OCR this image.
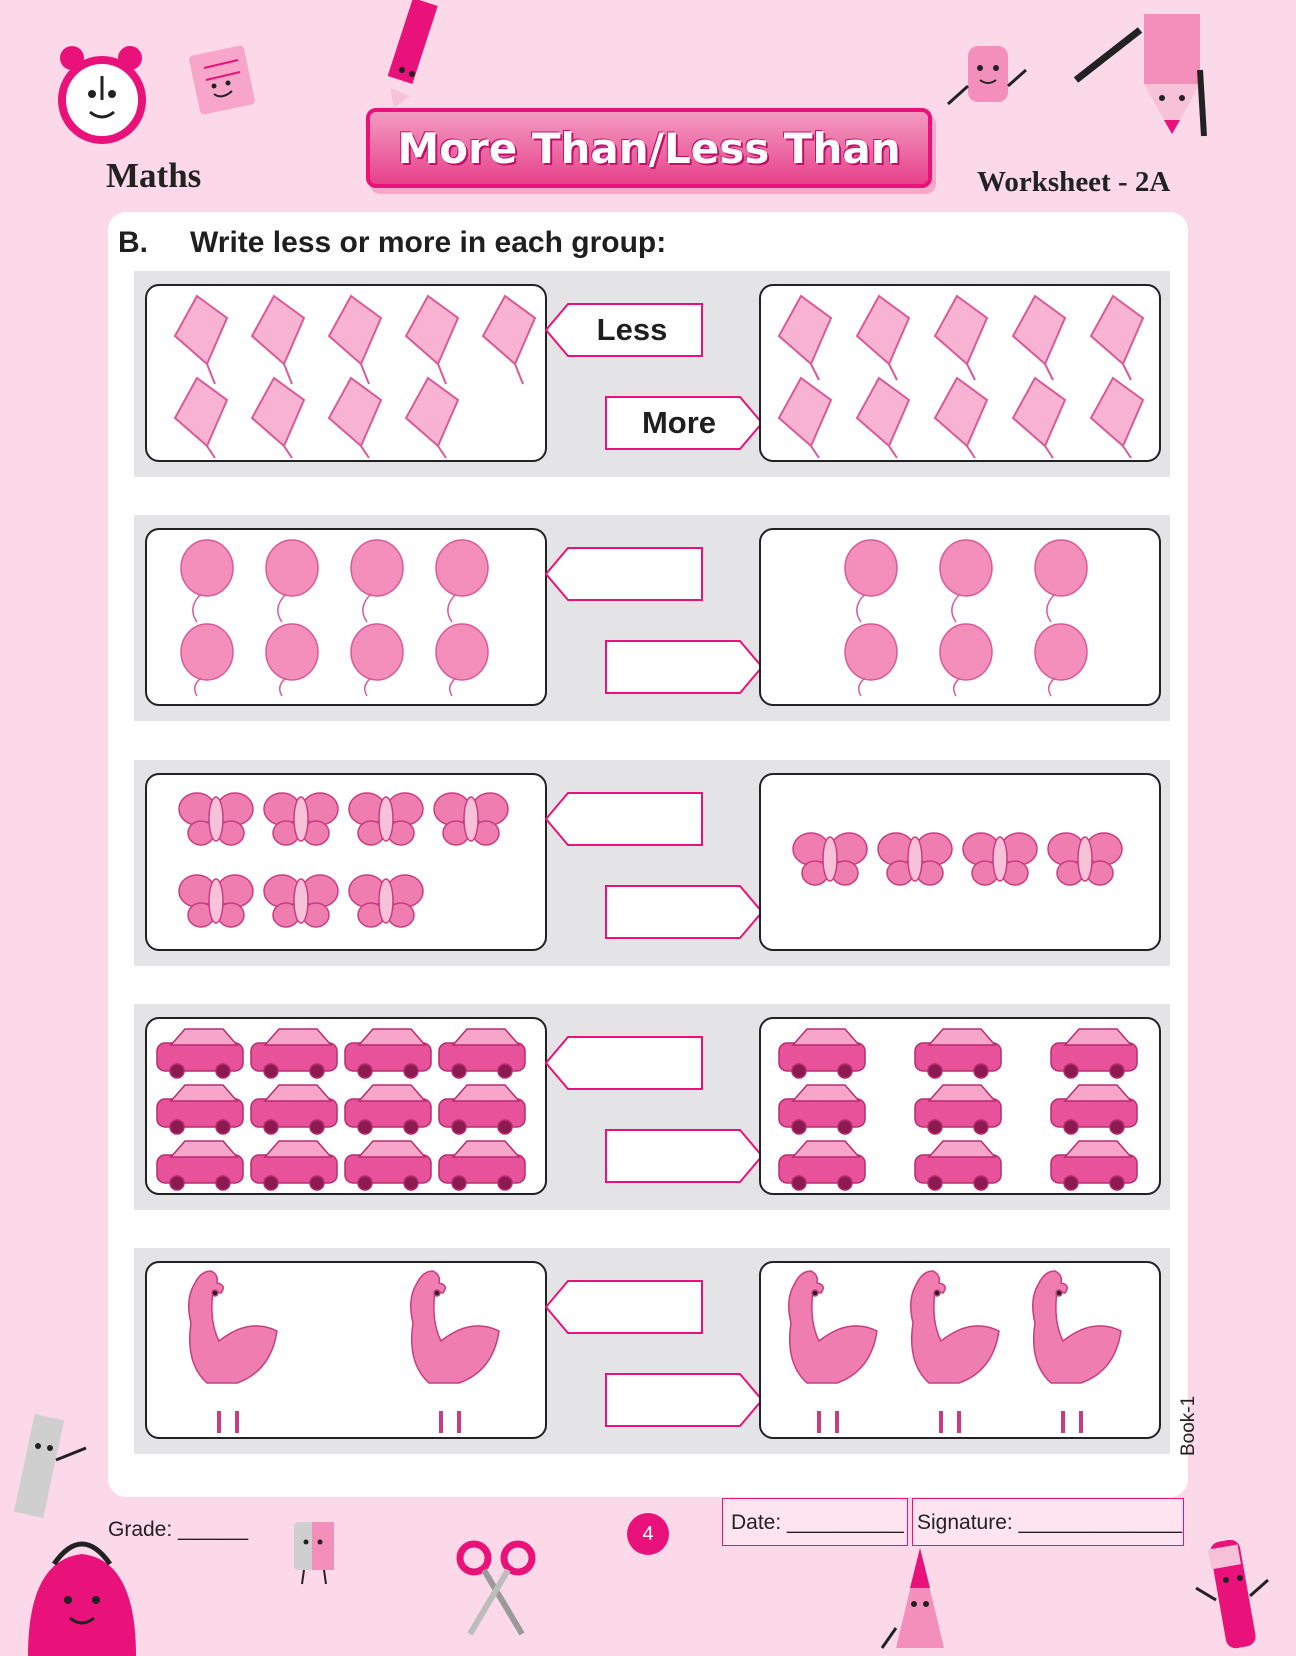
Maths
More Than/Less Than
Worksheet - 2A
B. Write less or more in each group:
Less
More
Book-1
Grade: ______	4	Date: __________ Signature: ______________
